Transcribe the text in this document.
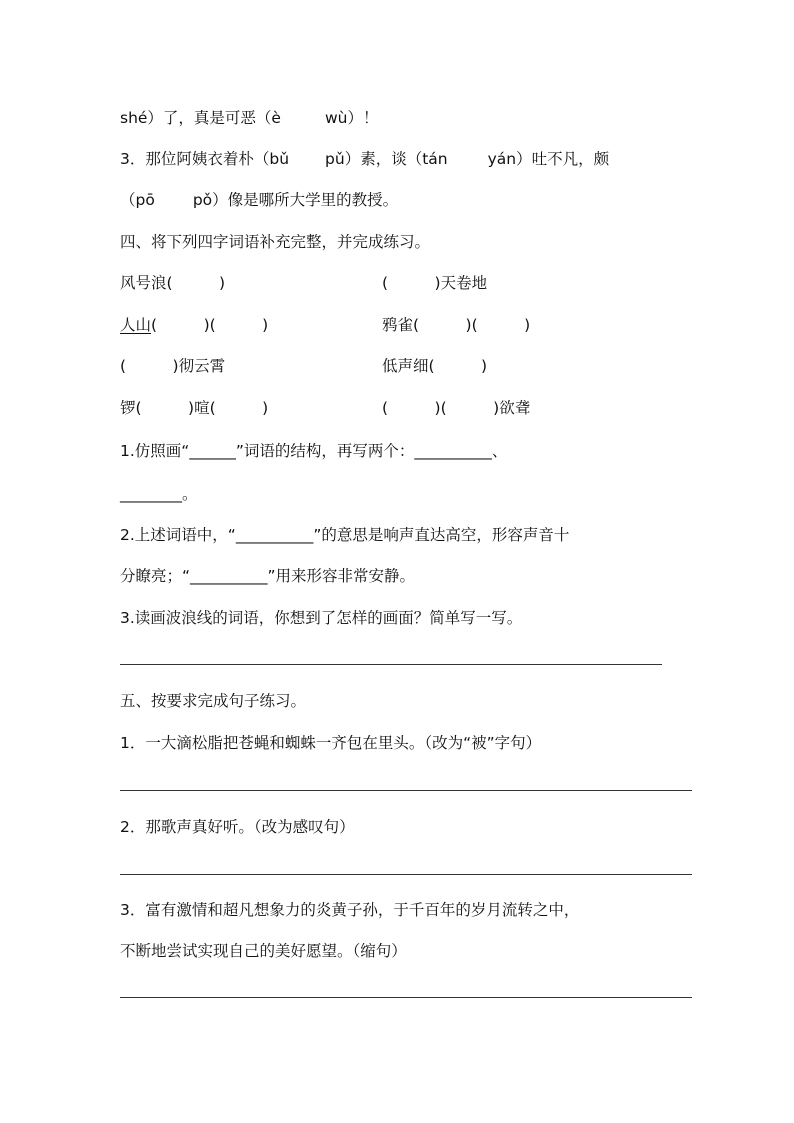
shé）了，真是可恶（è	wù）！
3．那位阿姨衣着朴（bǔ pǔ）素，谈（tán	yán）吐不凡，颇
（pō pǒ）像是哪所大学里的教授。
四、将下列四字词语补充完整，并完成练习。
风号浪(　　　)	(　　　)天卷地
人山(　　　)(　　　)	鸦雀(　　　)(　　　)
(　　　)彻云霄	低声细(　　　)
锣(　　　)喧(　　　)	(　　　)(　　　)欲聋
1.仿照画“______”词语的结构，再写两个：__________、
________。
2.上述词语中，“__________”的意思是响声直达高空，形容声音十
分瞭亮；“__________”用来形容非常安静。
3.读画波浪线的词语，你想到了怎样的画面？简单写一写。
五、按要求完成句子练习。
1．一大滴松脂把苍蝇和蜘蛛一齐包在里头。（改为“被”字句）
2．那歌声真好听。（改为感叹句）
3．富有激情和超凡想象力的炎黄子孙，于千百年的岁月流转之中，
不断地尝试实现自己的美好愿望。（缩句）
